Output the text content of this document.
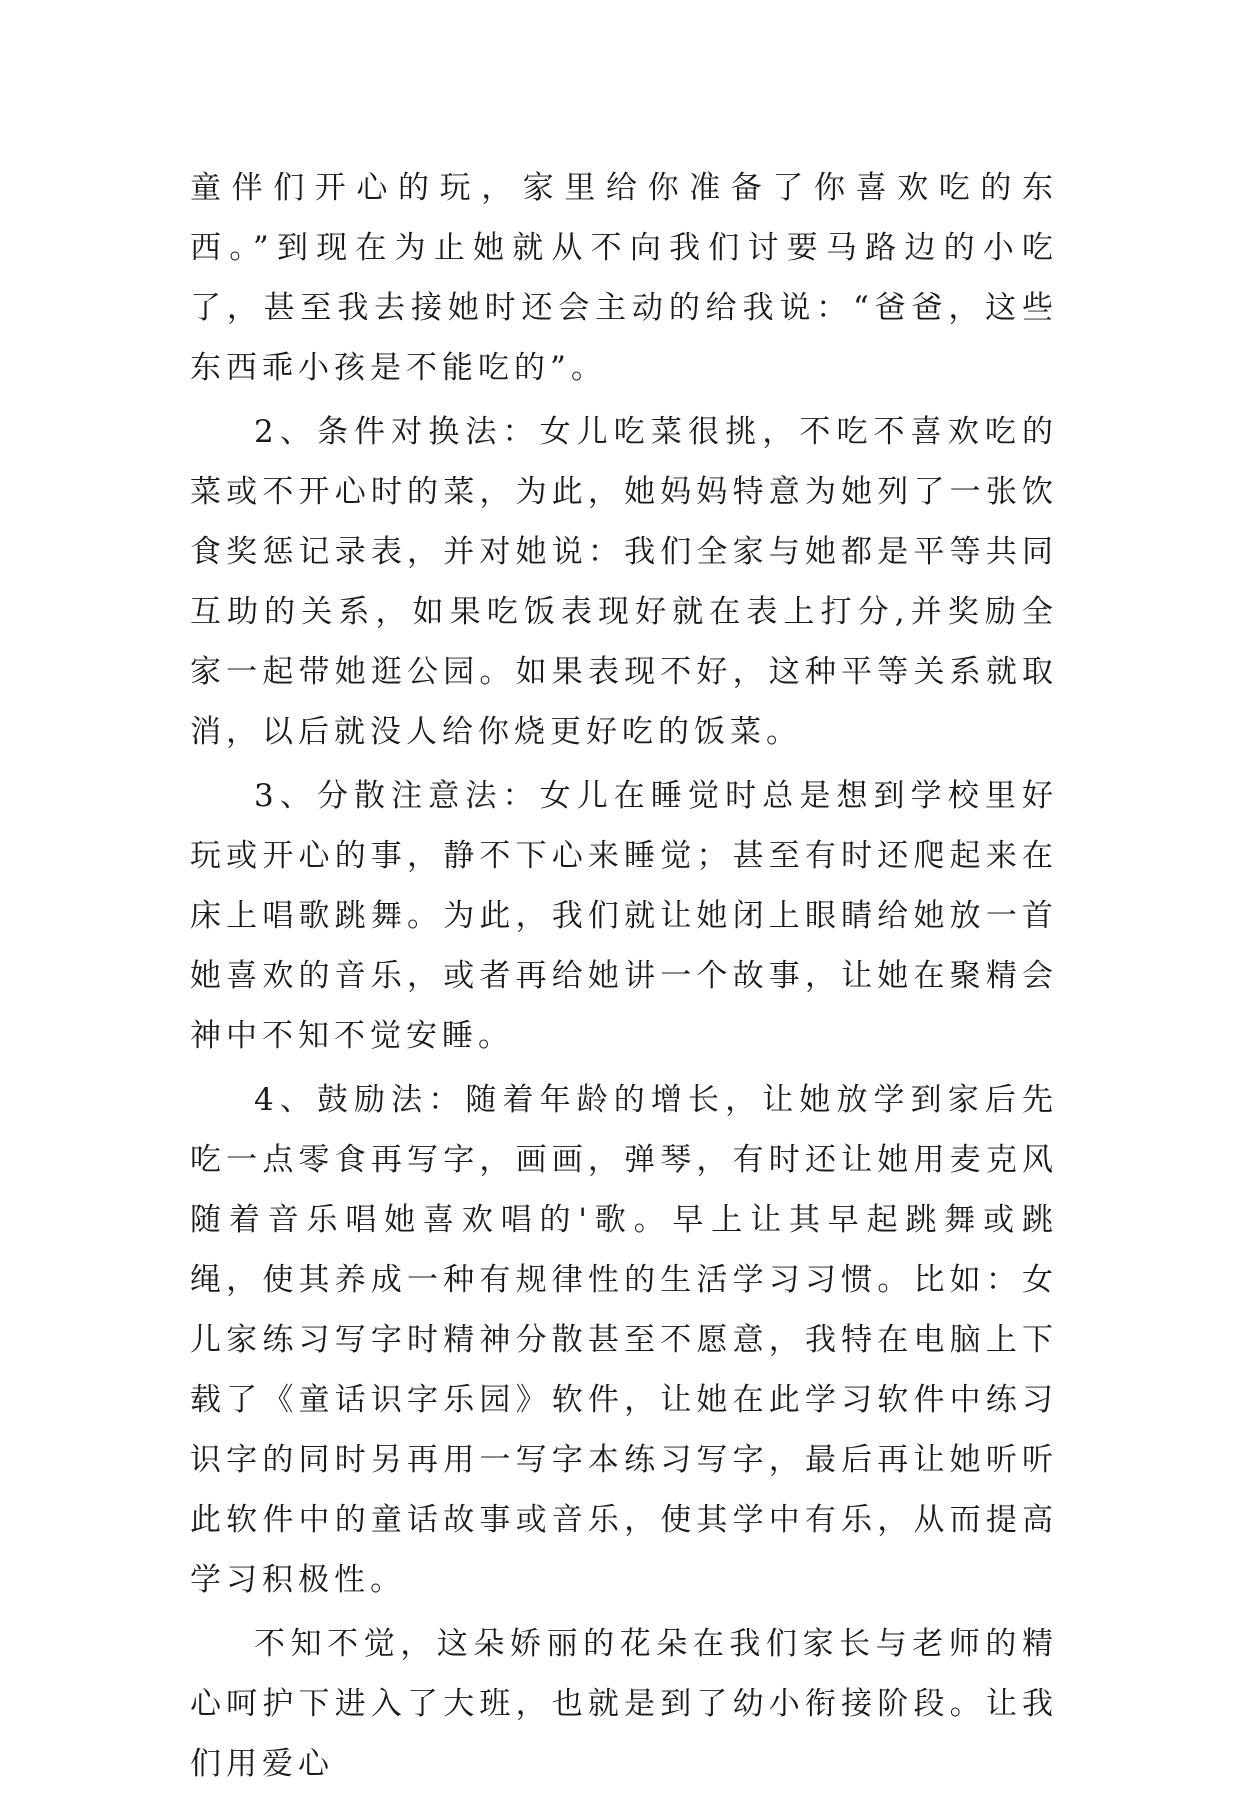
童伴们开心的玩，家里给你准备了你喜欢吃的东西。”到现在为止她就从不向我们讨要马路边的小吃了，甚至我去接她时还会主动的给我说：“爸爸，这些东西乖小孩是不能吃的”。

2、条件对换法：女儿吃菜很挑，不吃不喜欢吃的菜或不开心时的菜，为此，她妈妈特意为她列了一张饮食奖惩记录表，并对她说：我们全家与她都是平等共同互助的关系，如果吃饭表现好就在表上打分,并奖励全家一起带她逛公园。如果表现不好，这种平等关系就取消，以后就没人给你烧更好吃的饭菜。

3、分散注意法：女儿在睡觉时总是想到学校里好玩或开心的事，静不下心来睡觉；甚至有时还爬起来在床上唱歌跳舞。为此，我们就让她闭上眼睛给她放一首她喜欢的音乐，或者再给她讲一个故事，让她在聚精会神中不知不觉安睡。

4、鼓励法：随着年龄的增长，让她放学到家后先吃一点零食再写字，画画，弹琴，有时还让她用麦克风随着音乐唱她喜欢唱的'歌。早上让其早起跳舞或跳绳，使其养成一种有规律性的生活学习习惯。比如：女儿家练习写字时精神分散甚至不愿意，我特在电脑上下载了《童话识字乐园》软件，让她在此学习软件中练习识字的同时另再用一写字本练习写字，最后再让她听听此软件中的童话故事或音乐，使其学中有乐，从而提高学习积极性。

不知不觉，这朵娇丽的花朵在我们家长与老师的精心呵护下进入了大班，也就是到了幼小衔接阶段。让我们用爱心
